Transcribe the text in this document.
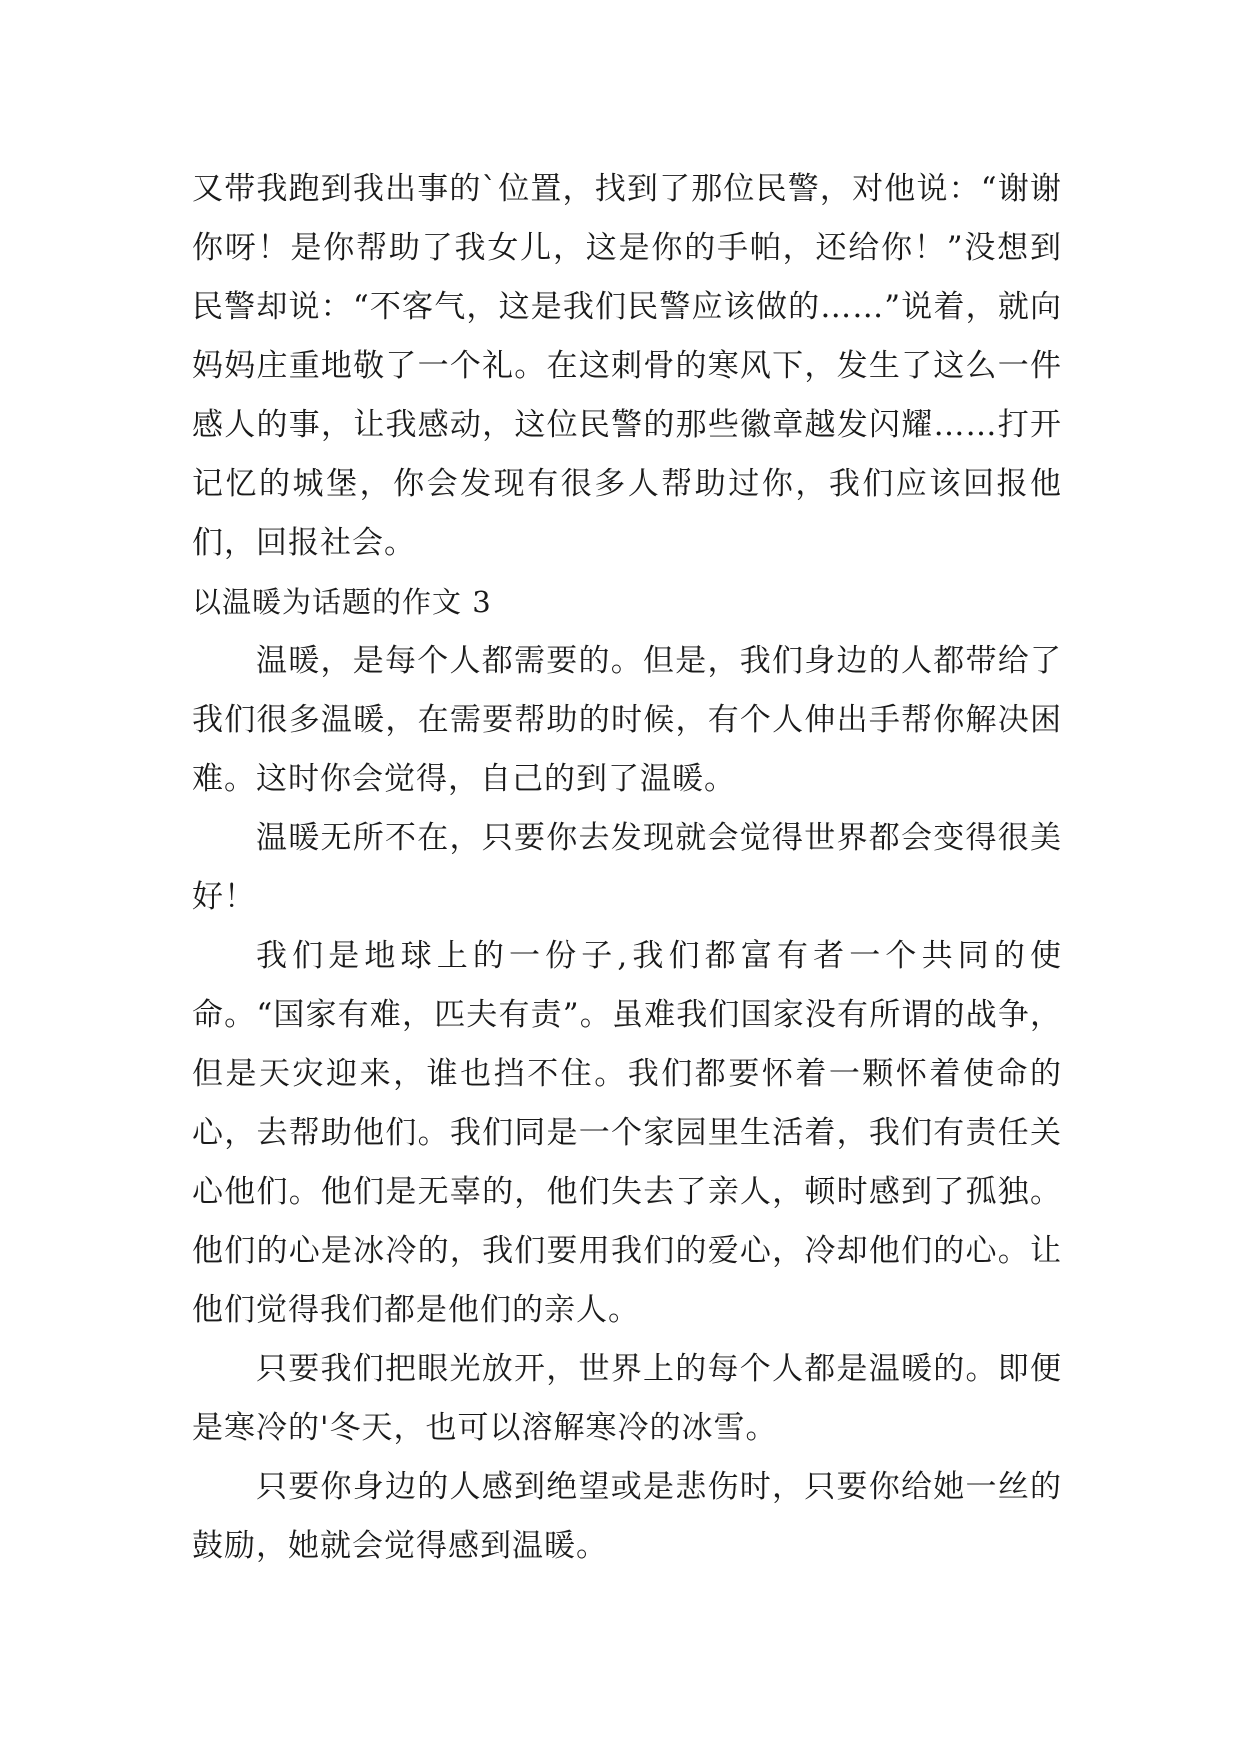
又带我跑到我出事的`位置，找到了那位民警，对他说：“谢谢你呀！是你帮助了我女儿，这是你的手帕，还给你！”没想到民警却说：“不客气，这是我们民警应该做的……”说着，就向妈妈庄重地敬了一个礼。在这刺骨的寒风下，发生了这么一件感人的事，让我感动，这位民警的那些徽章越发闪耀……打开记忆的城堡，你会发现有很多人帮助过你，我们应该回报他们，回报社会。

以温暖为话题的作文 3

温暖，是每个人都需要的。但是，我们身边的人都带给了我们很多温暖，在需要帮助的时候，有个人伸出手帮你解决困难。这时你会觉得，自己的到了温暖。

温暖无所不在，只要你去发现就会觉得世界都会变得很美好！

我们是地球上的一份子,我们都富有者一个共同的使命。“国家有难，匹夫有责”。虽难我们国家没有所谓的战争，但是天灾迎来，谁也挡不住。我们都要怀着一颗怀着使命的心，去帮助他们。我们同是一个家园里生活着，我们有责任关心他们。他们是无辜的，他们失去了亲人，顿时感到了孤独。他们的心是冰冷的，我们要用我们的爱心，冷却他们的心。让他们觉得我们都是他们的亲人。

只要我们把眼光放开，世界上的每个人都是温暖的。即便是寒冷的'冬天，也可以溶解寒冷的冰雪。

只要你身边的人感到绝望或是悲伤时，只要你给她一丝的鼓励，她就会觉得感到温暖。
